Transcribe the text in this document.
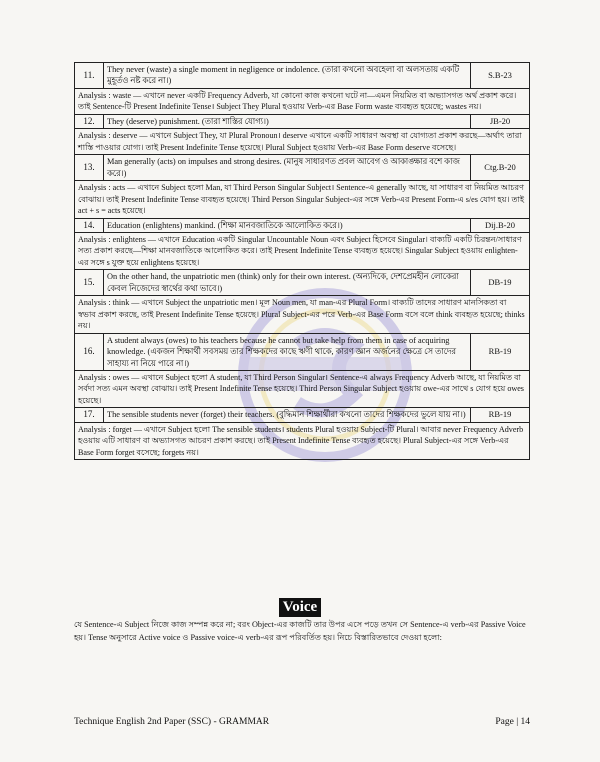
11.	They never (waste) a single moment in negligence or indolence. (তারা কখনো অবহেলা বা অলসতায় একটি মুহূর্তও নষ্ট করে না।)	S.B-23
Analysis : waste — এখানে never একটি Frequency Adverb, যা কোনো কাজ কখনো ঘটে না—এমন নিয়মিত বা অভ্যাসগত অর্থ প্রকাশ করে। তাই Sentence-টি Present Indefinite Tense। Subject They Plural হওয়ায় Verb-এর Base Form waste ব্যবহৃত হয়েছে; wastes নয়।		
12.	They (deserve) punishment. (তারা শাস্তির যোগ্য।)	JB-20
Analysis : deserve — এখানে Subject They, যা Plural Pronoun। deserve এখানে একটি সাধারণ অবস্থা বা যোগ্যতা প্রকাশ করছে—অর্থাৎ তারা শাস্তি পাওয়ার যোগ্য। তাই Present Indefinite Tense হয়েছে। Plural Subject হওয়ায় Verb-এর Base Form deserve বসেছে।		
13.	Man generally (acts) on impulses and strong desires. (মানুষ সাধারণত প্রবল আবেগ ও আকাঙ্ক্ষার বশে কাজ করে।)	Ctg.B-20
Analysis : acts — এখানে Subject হলো Man, যা Third Person Singular Subject। Sentence-এ generally আছে, যা সাধারণ বা নিয়মিত আচরণ বোঝায়। তাই Present Indefinite Tense ব্যবহৃত হয়েছে। Third Person Singular Subject-এর সঙ্গে Verb-এর Present Form-এ s/es যোগ হয়। তাই act + s = acts হয়েছে।		
14.	Education (enlightens) mankind. (শিক্ষা মানবজাতিকে আলোকিত করে।)	Dij.B-20
Analysis : enlightens — এখানে Education একটি Singular Uncountable Noun এবং Subject হিসেবে Singular। বাক্যটি একটি চিরন্তন/সাধারণ সত্য প্রকাশ করছে—শিক্ষা মানবজাতিকে আলোকিত করে। তাই Present Indefinite Tense ব্যবহৃত হয়েছে। Singular Subject হওয়ায় enlighten-এর সঙ্গে s যুক্ত হয়ে enlightens হয়েছে।		
15.	On the other hand, the unpatriotic men (think) only for their own interest. (অন্যদিকে, দেশপ্রেমহীন লোকেরা কেবল নিজেদের স্বার্থের কথা ভাবে।)	DB-19
Analysis : think — এখানে Subject the unpatriotic men। মূল Noun men, যা man-এর Plural Form। বাক্যটি তাদের সাধারণ মানসিকতা বা স্বভাব প্রকাশ করছে, তাই Present Indefinite Tense হয়েছে। Plural Subject-এর পরে Verb-এর Base Form বসে বলে think ব্যবহৃত হয়েছে; thinks নয়।		
16.	A student always (owes) to his teachers because he cannot but take help from them in case of acquiring knowledge. (একজন শিক্ষার্থী সবসময় তার শিক্ষকদের কাছে ঋণী থাকে, কারণ জ্ঞান অর্জনের ক্ষেত্রে সে তাদের সাহায্য না নিয়ে পারে না।)	RB-19
Analysis : owes — এখানে Subject হলো A student, যা Third Person Singular। Sentence-এ always Frequency Adverb আছে, যা নিয়মিত বা সর্বদা সত্য এমন অবস্থা বোঝায়। তাই Present Indefinite Tense হয়েছে। Third Person Singular Subject হওয়ায় owe-এর সাথে s যোগ হয়ে owes হয়েছে।		
17.	The sensible students never (forget) their teachers. (বুদ্ধিমান শিক্ষার্থীরা কখনো তাদের শিক্ষকদের ভুলে যায় না।)	RB-19
Analysis : forget — এখানে Subject হলো The sensible students। students Plural হওয়ায় Subject-টি Plural। আবার never Frequency Adverb হওয়ায় এটি সাধারণ বা অভ্যাসগত আচরণ প্রকাশ করছে। তাই Present Indefinite Tense ব্যবহৃত হয়েছে। Plural Subject-এর সঙ্গে Verb-এর Base Form forget বসেছে; forgets নয়।		
Voice
যে Sentence-এ Subject নিজে কাজ সম্পন্ন করে না; বরং Object-এর কাজটি তার উপর এসে পড়ে তখন সে Sentence-এ verb-এর Passive Voice হয়। Tense অনুসারে Active voice ও Passive voice-এ verb-এর রূপ পরিবর্তিত হয়। নিচে বিস্তারিতভাবে দেওয়া হলো:
Technique English 2nd Paper (SSC) - GRAMMAR	Page | 14
